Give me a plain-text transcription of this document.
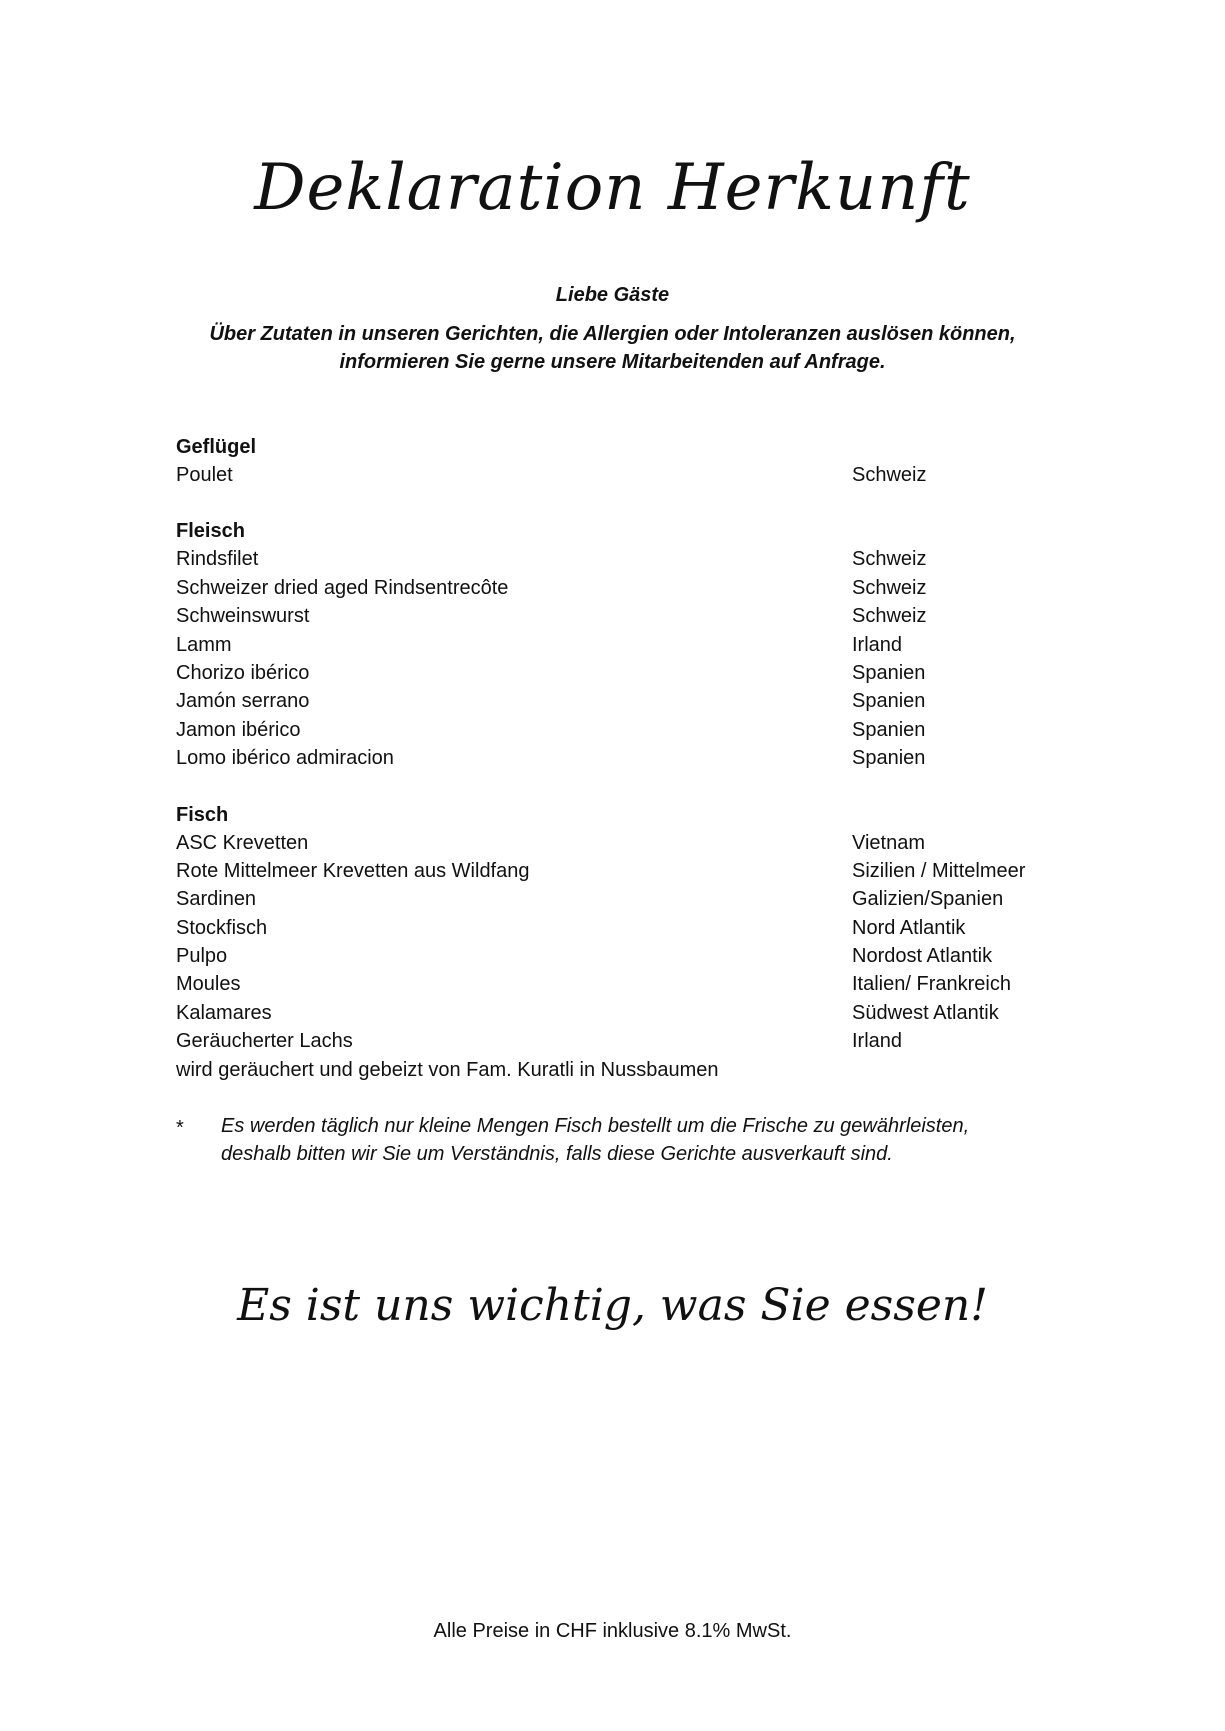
Deklaration Herkunft
Liebe Gäste
Über Zutaten in unseren Gerichten, die Allergien oder Intoleranzen auslösen können,
informieren Sie gerne unsere Mitarbeitenden auf Anfrage.
Geflügel
Poulet	Schweiz
Fleisch
Rindsfilet	Schweiz
Schweizer dried aged Rindsentrecôte	Schweiz
Schweinswurst	Schweiz
Lamm	Irland
Chorizo ibérico	Spanien
Jamón serrano	Spanien
Jamon ibérico	Spanien
Lomo ibérico admiracion	Spanien
Fisch
ASC Krevetten	Vietnam
Rote Mittelmeer Krevetten aus Wildfang	Sizilien / Mittelmeer
Sardinen	Galizien/Spanien
Stockfisch	Nord Atlantik
Pulpo	Nordost Atlantik
Moules	Italien/ Frankreich
Kalamares	Südwest Atlantik
Geräucherter Lachs	Irland
wird geräuchert und gebeizt von Fam. Kuratli in Nussbaumen
* Es werden täglich nur kleine Mengen Fisch bestellt um die Frische zu gewährleisten,
deshalb bitten wir Sie um Verständnis, falls diese Gerichte ausverkauft sind.
Es ist uns wichtig, was Sie essen!
Alle Preise in CHF inklusive 8.1% MwSt.
